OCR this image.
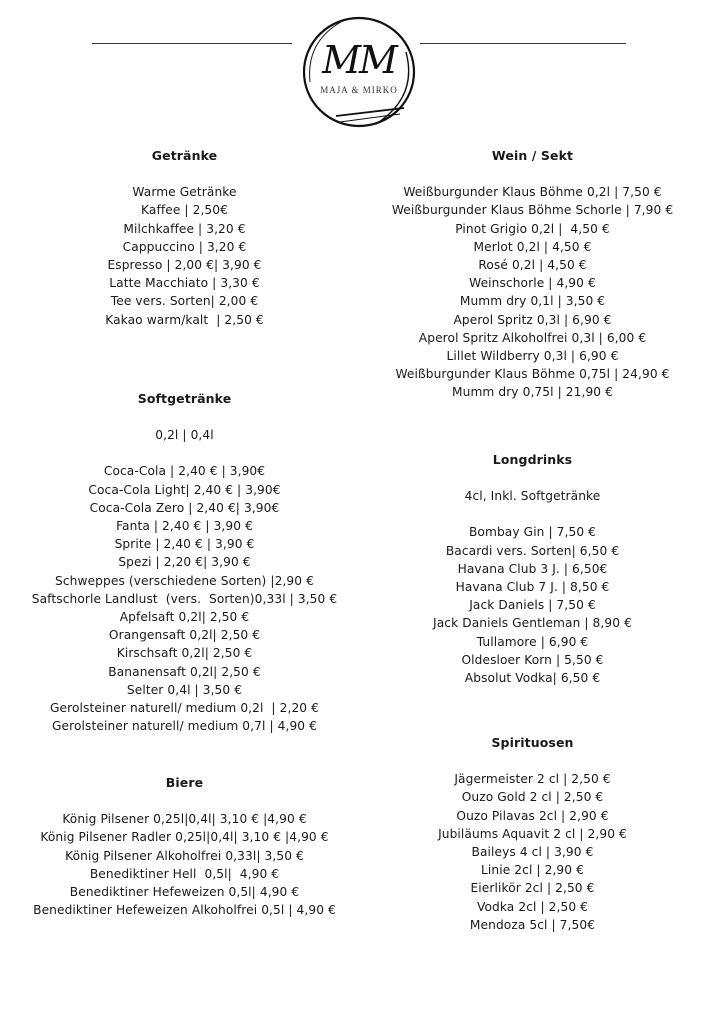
MM
MAJA & MIRKO
Getränke
Warme Getränke
Kaffee | 2,50€
Milchkaffee | 3,20 €
Cappuccino | 3,20 €
Espresso | 2,00 €| 3,90 €
Latte Macchiato | 3,30 €
Tee vers. Sorten| 2,00 €
Kakao warm/kalt  | 2,50 €
Softgetränke
0,2l | 0,4l
Coca-Cola | 2,40 € | 3,90€
Coca-Cola Light| 2,40 € | 3,90€
Coca-Cola Zero | 2,40 €| 3,90€
Fanta | 2,40 € | 3,90 €
Sprite | 2,40 € | 3,90 €
Spezi | 2,20 €| 3,90 €
Schweppes (verschiedene Sorten) |2,90 €
Saftschorle Landlust  (vers.  Sorten)0,33l | 3,50 €
Apfelsaft 0,2l| 2,50 €
Orangensaft 0,2l| 2,50 €
Kirschsaft 0,2l| 2,50 €
Bananensaft 0,2l| 2,50 €
Selter 0,4l | 3,50 €
Gerolsteiner naturell/ medium 0,2l  | 2,20 €
Gerolsteiner naturell/ medium 0,7l | 4,90 €
Biere
König Pilsener 0,25l|0,4l| 3,10 € |4,90 €
König Pilsener Radler 0,25l|0,4l| 3,10 € |4,90 €
König Pilsener Alkoholfrei 0,33l| 3,50 €
Benediktiner Hell  0,5l|  4,90 €
Benediktiner Hefeweizen 0,5l| 4,90 €
Benediktiner Hefeweizen Alkoholfrei 0,5l | 4,90 €
Wein / Sekt
Weißburgunder Klaus Böhme 0,2l | 7,50 €
Weißburgunder Klaus Böhme Schorle | 7,90 €
Pinot Grigio 0,2l |  4,50 €
Merlot 0,2l | 4,50 €
Rosé 0,2l | 4,50 €
Weinschorle | 4,90 €
Mumm dry 0,1l | 3,50 €
Aperol Spritz 0,3l | 6,90 €
Aperol Spritz Alkoholfrei 0,3l | 6,00 €
Lillet Wildberry 0,3l | 6,90 €
Weißburgunder Klaus Böhme 0,75l | 24,90 €
Mumm dry 0,75l | 21,90 €
Longdrinks
4cl, Inkl. Softgetränke
Bombay Gin | 7,50 €
Bacardi vers. Sorten| 6,50 €
Havana Club 3 J. | 6,50€
Havana Club 7 J. | 8,50 €
Jack Daniels | 7,50 €
Jack Daniels Gentleman | 8,90 €
Tullamore | 6,90 €
Oldesloer Korn | 5,50 €
Absolut Vodka| 6,50 €
Spirituosen
Jägermeister 2 cl | 2,50 €
Ouzo Gold 2 cl | 2,50 €
Ouzo Pilavas 2cl | 2,90 €
Jubiläums Aquavit 2 cl | 2,90 €
Baileys 4 cl | 3,90 €
Linie 2cl | 2,90 €
Eierlikör 2cl | 2,50 €
Vodka 2cl | 2,50 €
Mendoza 5cl | 7,50€
